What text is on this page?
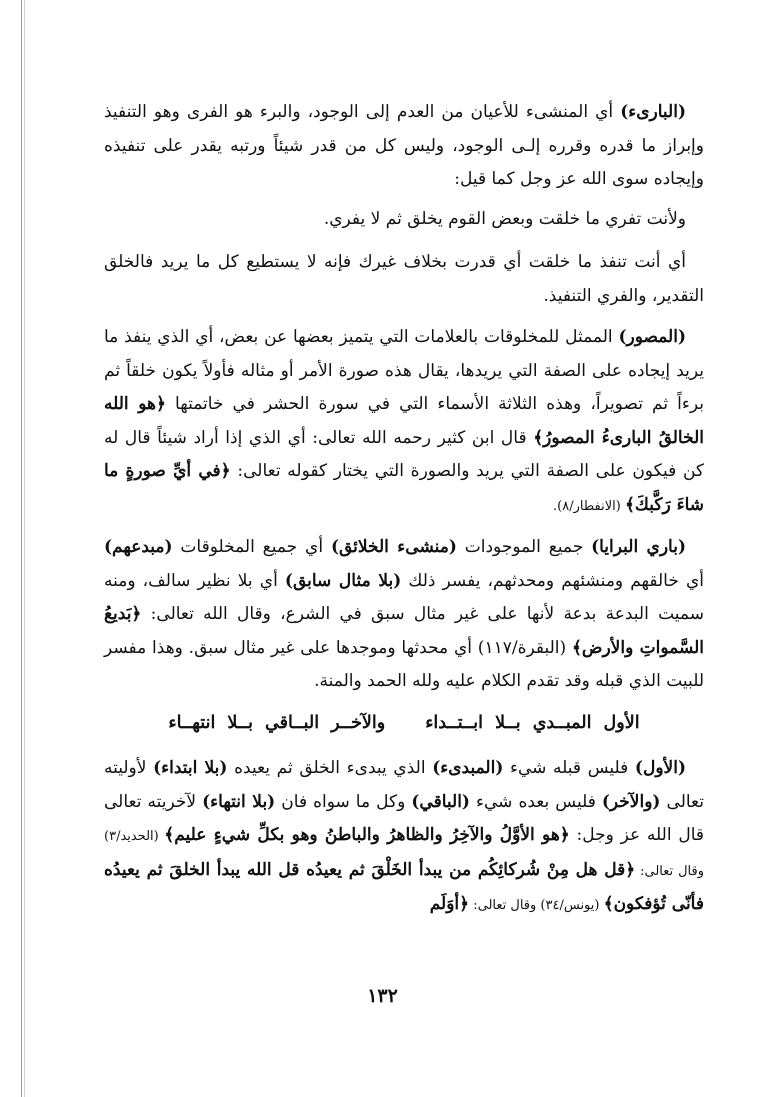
(البارىء) أي المنشىء للأعيان من العدم إلى الوجود، والبرء هو الفرى وهو التنفيذ وإبراز ما قدره وقرره إلـى الوجود، وليس كل من قدر شيئاً ورتبه يقدر على تنفيذه وإيجاده سوى الله عز وجل كما قيل:

ولأنت تفري ما خلقت وبعض القوم يخلق ثم لا يفري.

أي أنت تنفذ ما خلقت أي قدرت بخلاف غيرك فإنه لا يستطيع كل ما يريد فالخلق التقدير، والفري التنفيذ.

(المصور) الممثل للمخلوقات بالعلامات التي يتميز بعضها عن بعض، أي الذي ينفذ ما يريد إيجاده على الصفة التي يريدها، يقال هذه صورة الأمر أو مثاله فأولاً يكون خلقاً ثم برءاً ثم تصويراً، وهذه الثلاثة الأسماء التي في سورة الحشر في خاتمتها ﴿هو الله الخالقُ البارىءُ المصورُ﴾ قال ابن كثير رحمه الله تعالى: أي الذي إذا أراد شيئاً قال له كن فيكون على الصفة التي يريد والصورة التي يختار كقوله تعالى: ﴿في أيِّ صورةٍ ما شاءَ رَكَّبكَ﴾ (الانفطار/٨).

(باري البرايا) جميع الموجودات (منشىء الخلائق) أي جميع المخلوقات (مبدعهم) أي خالقهم ومنشئهم ومحدثهم، يفسر ذلك (بلا مثال سابق) أي بلا نظير سالف، ومنه سميت البدعة بدعة لأنها على غير مثال سبق في الشرع، وقال الله تعالى: ﴿بَديعُ السَّمواتِ والأرض﴾ (البقرة/١١٧) أي محدثها وموجدها على غير مثال سبق. وهذا مفسر للبيت الذي قبله وقد تقدم الكلام عليه ولله الحمد والمنة.

الأول المبــدي بــلا ابــتــداءوالآخــر البــاقي بــلا انتهــاء

(الأول) فليس قبله شيء (المبدىء) الذي يبدىء الخلق ثم يعيده (بلا ابتداء) لأوليته تعالى (والآخر) فليس بعده شيء (الباقي) وكل ما سواه فان (بلا انتهاء) لآخريته تعالى قال الله عز وجل: ﴿هو الأوَّلُ والآخِرُ والظاهرُ والباطنُ وهو بكلِّ شيءٍ عليم﴾ (الحديد/٣) وقال تعالى: ﴿قل هل مِنْ شُركائِكُم من يبدأ الخَلْقَ ثم يعيدُه قل الله يبدأ الخلقَ ثم يعيدُه فأنّى تُؤفكون﴾ (يونس/٣٤) وقال تعالى: ﴿أوَلَم

١٣٢
